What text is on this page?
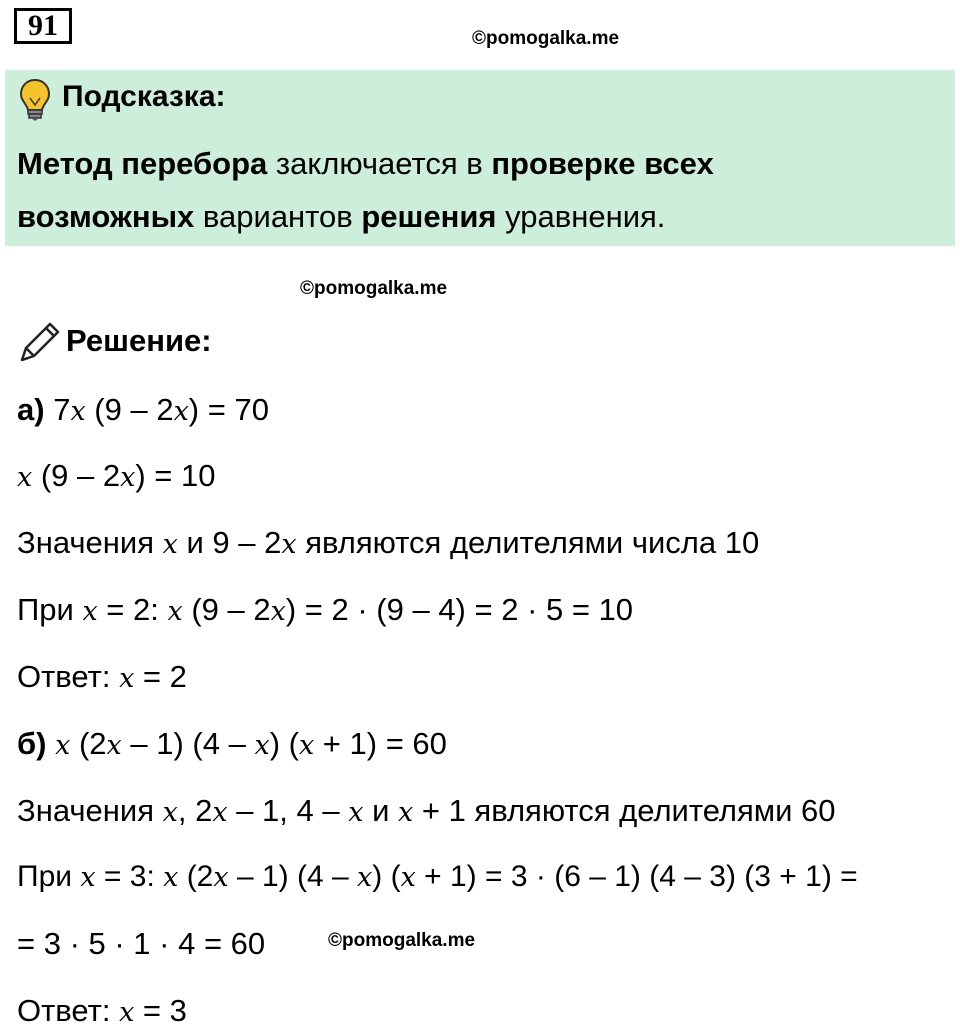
91	©pomogalka.me
Подсказка:
Метод перебора заключается в проверке всех
возможных вариантов решения уравнения.
©pomogalka.me
Решение:
а) 7𝑥 (9 – 2𝑥) = 70
𝑥 (9 – 2𝑥) = 10
Значения 𝑥 и 9 – 2𝑥 являются делителями числа 10
При 𝑥 = 2: 𝑥 (9 – 2𝑥) = 2 · (9 – 4) = 2 · 5 = 10
Ответ: 𝑥 = 2
б) 𝑥 (2𝑥 – 1) (4 – 𝑥) (𝑥 + 1) = 60
Значения 𝑥, 2𝑥 – 1, 4 – 𝑥 и 𝑥 + 1 являются делителями 60
При 𝑥 = 3: 𝑥 (2𝑥 – 1) (4 – 𝑥) (𝑥 + 1) = 3 · (6 – 1) (4 – 3) (3 + 1) =
= 3 · 5 · 1 · 4 = 60	©pomogalka.me
Ответ: 𝑥 = 3
